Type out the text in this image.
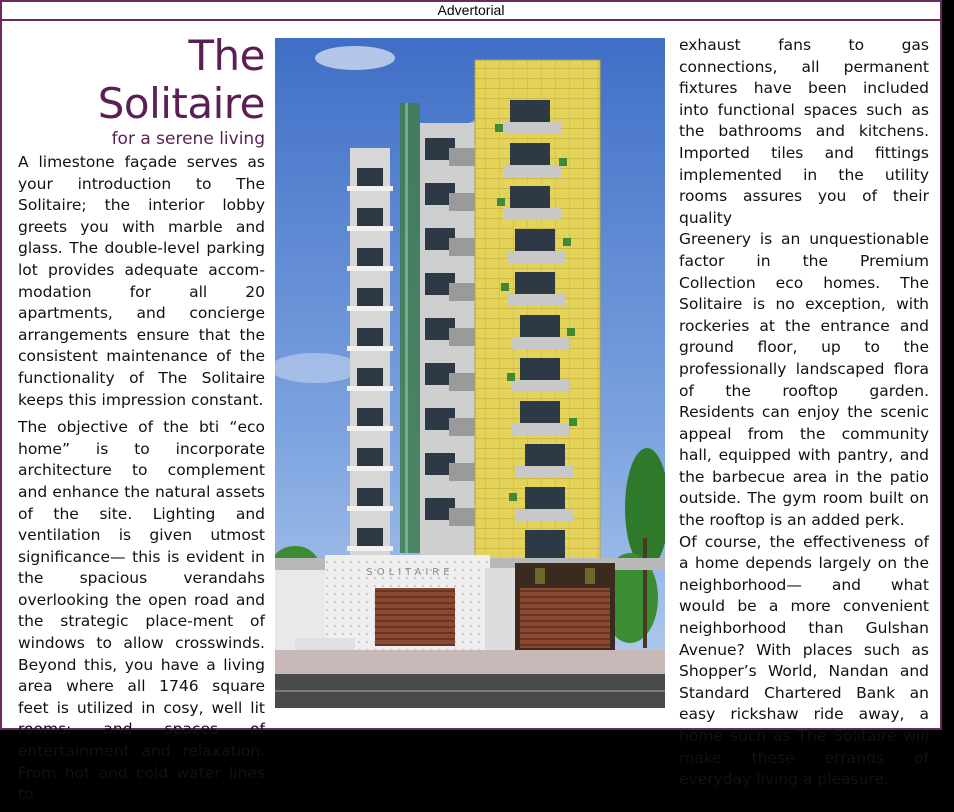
Advertorial
The Solitaire
for a serene living

A limestone façade serves as your introduction to The Solitaire; the interior lobby greets you with marble and glass. The double-level parking lot provides adequate accom-modation for all 20 apartments, and concierge arrangements ensure that the consistent maintenance of the functionality of The Solitaire keeps this impression constant.

The objective of the bti “eco home” is to incorporate architecture to complement and enhance the natural assets of the site. Lighting and ventilation is given utmost significance— this is evident in the spacious verandahs overlooking the open road and the strategic place-ment of windows to allow crosswinds. Beyond this, you have a living area where all 1746 square feet is utilized in cosy, well lit rooms; and spaces of entertainment and relaxation. From hot and cold water lines to

exhaust fans to gas connections, all permanent fixtures have been included into functional spaces such as the bathrooms and kitchens. Imported tiles and fittings implemented in the utility rooms assures you of their quality

Greenery is an unquestionable factor in the Premium Collection eco homes. The Solitaire is no exception, with rockeries at the entrance and ground floor, up to the professionally landscaped flora of the rooftop garden. Residents can enjoy the scenic appeal from the community hall, equipped with pantry, and the barbecue area in the patio outside. The gym room built on the rooftop is an added perk.

Of course, the effectiveness of a home depends largely on the neighborhood— and what would be a more convenient neighborhood than Gulshan Avenue? With places such as Shopper’s World, Nandan and Standard Chartered Bank an easy rickshaw ride away, a home such as The Solitaire will make these errands of everyday living a pleasure.

SOLITAIRE
